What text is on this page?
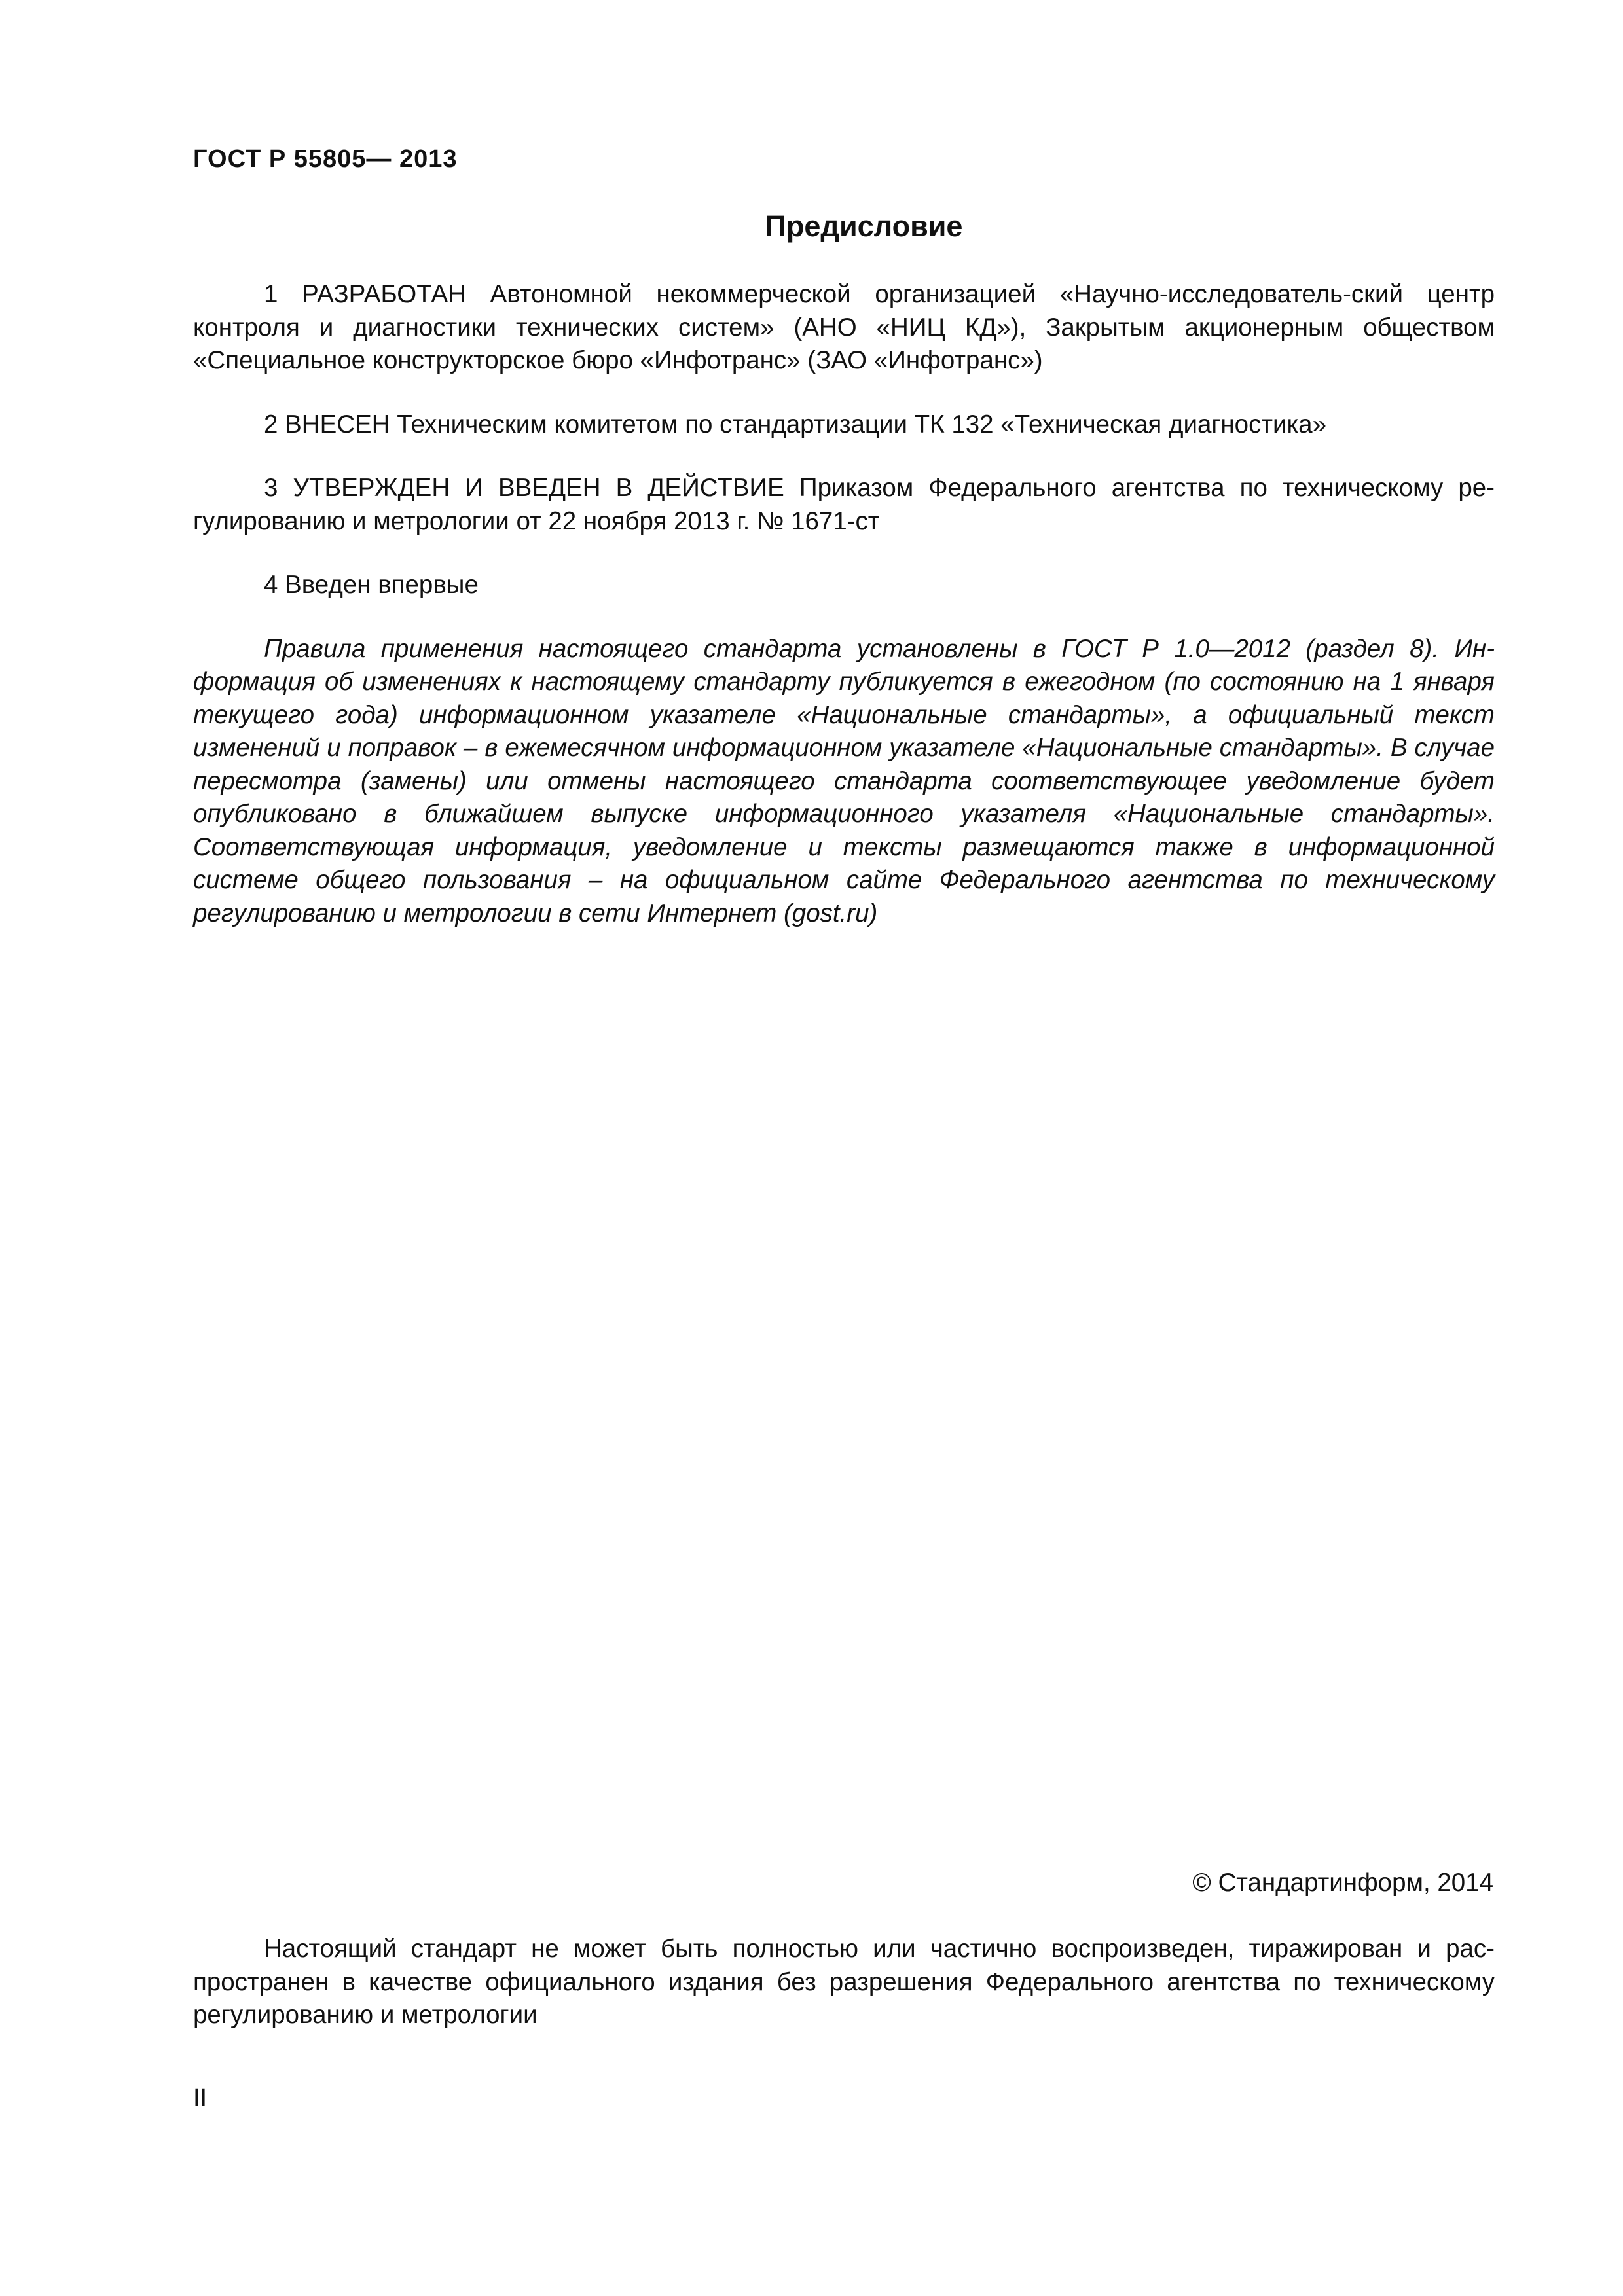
ГОСТ Р 55805— 2013
Предисловие

1 РАЗРАБОТАН Автономной некоммерческой организацией «Научно-исследователь-ский центр контроля и диагностики технических систем» (АНО «НИЦ КД»), Закрытым акционерным обществом «Специальное конструкторское бюро «Инфотранс» (ЗАО «Инфотранс»)

2 ВНЕСЕН Техническим комитетом по стандартизации ТК 132 «Техническая диагностика»

3 УТВЕРЖДЕН И ВВЕДЕН В ДЕЙСТВИЕ Приказом Федерального агентства по техническому регулированию и метрологии от 22 ноября 2013 г. № 1671-ст

4 Введен впервые

Правила применения настоящего стандарта установлены в ГОСТ Р 1.0—2012 (раздел 8). Информация об изменениях к настоящему стандарту публикуется в ежегодном (по состоянию на 1 января текущего года) информационном указателе «Национальные стандарты», а официальный текст изменений и поправок – в ежемесячном информационном указателе «Национальные стандарты». В случае пересмотра (замены) или отмены настоящего стандарта соответствующее уведомление будет опубликовано в ближайшем выпуске информационного указателя «Национальные стандарты». Соответствующая информация, уведомление и тексты размещаются также в информационной системе общего пользования – на официальном сайте Федерального агентства по техническому регулированию и метрологии в сети Интернет (gost.ru)

© Стандартинформ, 2014

Настоящий стандарт не может быть полностью или частично воспроизведен, тиражирован и распространен в качестве официального издания без разрешения Федерального агентства по техническому регулированию и метрологии

II
